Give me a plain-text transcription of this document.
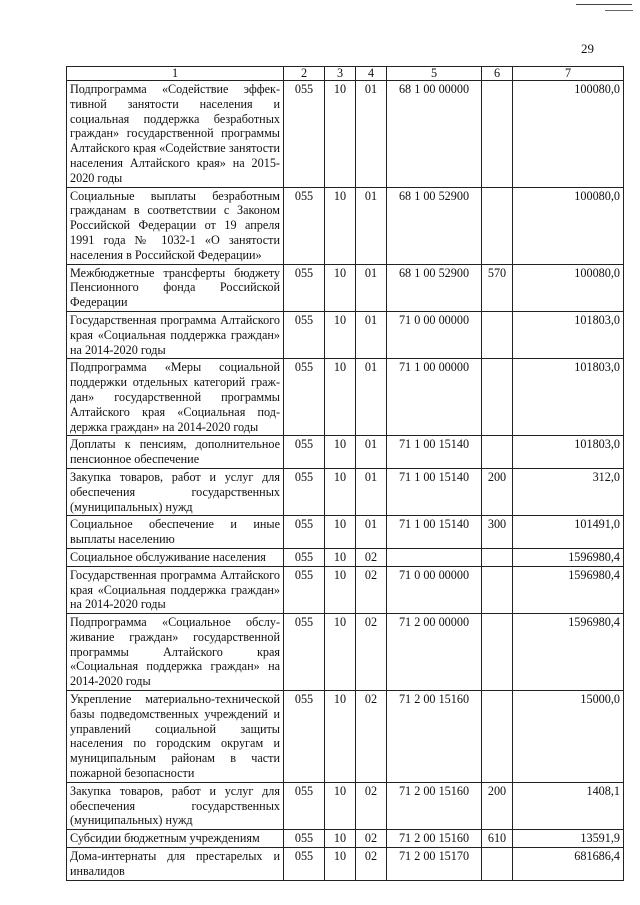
29
1	2	3	4	5	6	7
Подпрограмма «Содействие эффективной занятости населения и социальная поддержка безработных граждан» государственной программы Алтайского края «Содействие занятости населения Алтайского края» на 2015-2020 годы	055	10	01	68 1 00 00000		100080,0
Социальные выплаты безработным гражданам в соответствии с Законом Российской Федерации от 19 апреля 1991 года № 1032-1 «О занятости населения в Российской Федерации»	055	10	01	68 1 00 52900		100080,0
Межбюджетные трансферты бюджету Пенсионного фонда Российской Федерации	055	10	01	68 1 00 52900	570	100080,0
Государственная программа Алтайского края «Социальная поддержка граждан» на 2014-2020 годы	055	10	01	71 0 00 00000		101803,0
Подпрограмма «Меры социальной поддержки отдельных категорий граждан» государственной программы Алтайского края «Социальная поддержка граждан» на 2014-2020 годы	055	10	01	71 1 00 00000		101803,0
Доплаты к пенсиям, дополнительное пенсионное обеспечение	055	10	01	71 1 00 15140		101803,0
Закупка товаров, работ и услуг для обеспечения государственных (муниципальных) нужд	055	10	01	71 1 00 15140	200	312,0
Социальное обеспечение и иные выплаты населению	055	10	01	71 1 00 15140	300	101491,0
Социальное обслуживание населения	055	10	02			1596980,4
Государственная программа Алтайского края «Социальная поддержка граждан» на 2014-2020 годы	055	10	02	71 0 00 00000		1596980,4
Подпрограмма «Социальное обслуживание граждан» государственной программы Алтайского края «Социальная поддержка граждан» на 2014-2020 годы	055	10	02	71 2 00 00000		1596980,4
Укрепление материально-технической базы подведомственных учреждений и управлений социальной защиты населения по городским округам и муниципальным районам в части пожарной безопасности	055	10	02	71 2 00 15160		15000,0
Закупка товаров, работ и услуг для обеспечения государственных (муниципальных) нужд	055	10	02	71 2 00 15160	200	1408,1
Субсидии бюджетным учреждениям	055	10	02	71 2 00 15160	610	13591,9
Дома-интернаты для престарелых и инвалидов	055	10	02	71 2 00 15170		681686,4
